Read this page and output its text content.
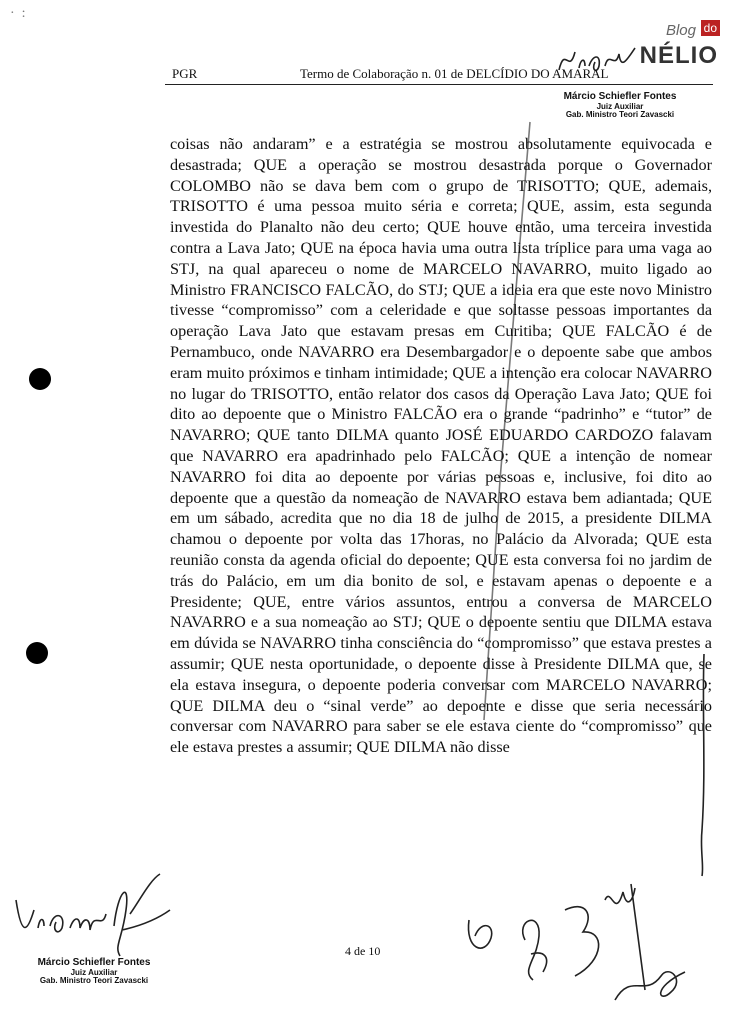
·  :
Blog do
NÉLIO
PGR	Termo de Colaboração n. 01 de DELCÍDIO DO AMARAL
Márcio Schiefler Fontes
Juiz Auxiliar
Gab. Ministro Teori Zavascki

coisas não andaram” e a estratégia se mostrou absolutamente equivocada e desastrada; QUE a operação se mostrou desastrada porque o Governador COLOMBO não se dava bem com o grupo de TRISOTTO; QUE, ademais, TRISOTTO é uma pessoa muito séria e correta; QUE, assim, esta segunda investida do Planalto não deu certo; QUE houve então, uma terceira investida contra a Lava Jato; QUE na época havia uma outra lista tríplice para uma vaga ao STJ, na qual apareceu o nome de MARCELO NAVARRO, muito ligado ao Ministro FRANCISCO FALCÃO, do STJ; QUE a ideia era que este novo Ministro tivesse “compromisso” com a celeridade e que soltasse pessoas importantes da operação Lava Jato que estavam presas em Curitiba; QUE FALCÃO é de Pernambuco, onde NAVARRO era Desembargador e o depoente sabe que ambos eram muito próximos e tinham intimidade; QUE a intenção era colocar NAVARRO no lugar do TRISOTTO, então relator dos casos da Operação Lava Jato; QUE foi dito ao depoente que o Ministro FALCÃO era o grande “padrinho” e “tutor” de NAVARRO; QUE tanto DILMA quanto JOSÉ EDUARDO CARDOZO falavam que NAVARRO era apadrinhado pelo FALCÃO; QUE a intenção de nomear NAVARRO foi dita ao depoente por várias pessoas e, inclusive, foi dito ao depoente que a questão da nomeação de NAVARRO estava bem adiantada; QUE em um sábado, acredita que no dia 18 de julho de 2015, a presidente DILMA chamou o depoente por volta das 17horas, no Palácio da Alvorada; QUE esta reunião consta da agenda oficial do depoente; QUE esta conversa foi no jardim de trás do Palácio, em um dia bonito de sol, e estavam apenas o depoente e a Presidente; QUE, entre vários assuntos, entrou a conversa de MARCELO NAVARRO e a sua nomeação ao STJ; QUE o depoente sentiu que DILMA estava em dúvida se NAVARRO tinha consciência do “compromisso” que estava prestes a assumir; QUE nesta oportunidade, o depoente disse à Presidente DILMA que, se ela estava insegura, o depoente poderia conversar com MARCELO NAVARRO; QUE DILMA deu o “sinal verde” ao depoente e disse que seria necessário conversar com NAVARRO para saber se ele estava ciente do “compromisso” que ele estava prestes a assumir; QUE DILMA não disse

Márcio Schiefler Fontes
Juiz Auxiliar
Gab. Ministro Teori Zavascki
4 de 10
